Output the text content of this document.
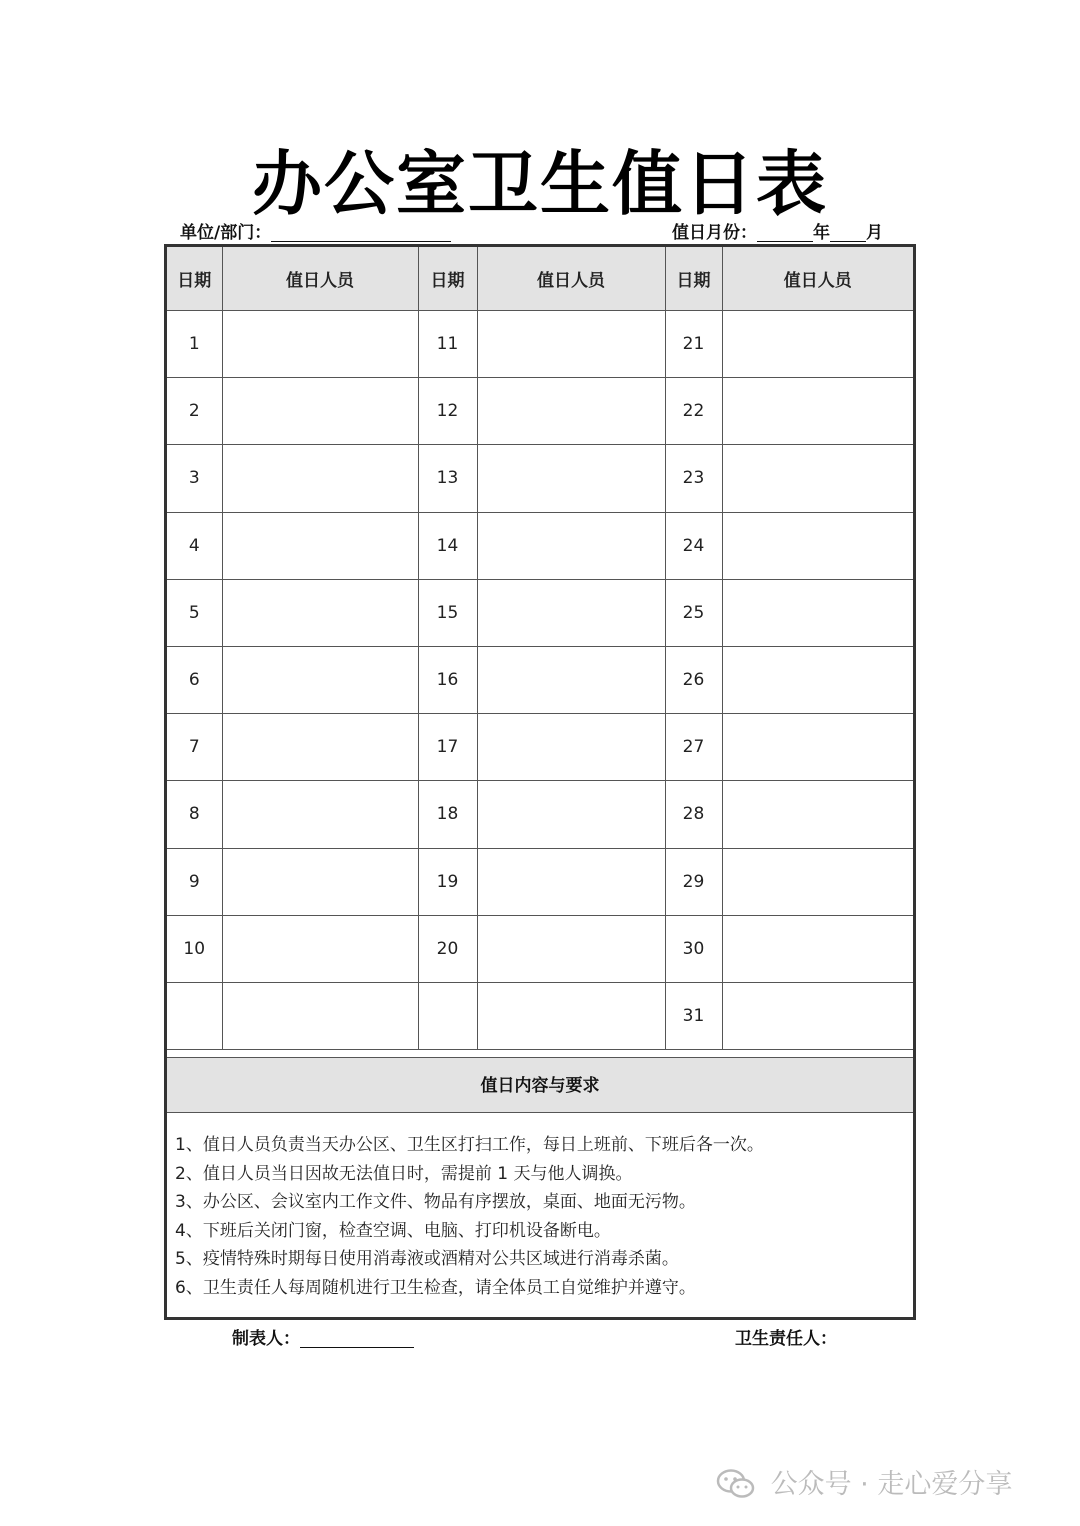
办公室卫生值日表
单位/部门：	值日月份：	年 月
日期	值日人员	日期	值日人员	日期	值日人员
1		11		21	
2		12		22	
3		13		23	
4		14		24	
5		15		25	
6		16		26	
7		17		27	
8		18		28	
9		19		29	
10		20		30	
				31	
值日内容与要求
1、值日人员负责当天办公区、卫生区打扫工作，每日上班前、下班后各一次。
2、值日人员当日因故无法值日时，需提前 1 天与他人调换。
3、办公区、会议室内工作文件、物品有序摆放，桌面、地面无污物。
4、下班后关闭门窗，检查空调、电脑、打印机设备断电。
5、疫情特殊时期每日使用消毒液或酒精对公共区域进行消毒杀菌。
6、卫生责任人每周随机进行卫生检查，请全体员工自觉维护并遵守。
制表人：	卫生责任人：
公众号 · 走心爱分享
